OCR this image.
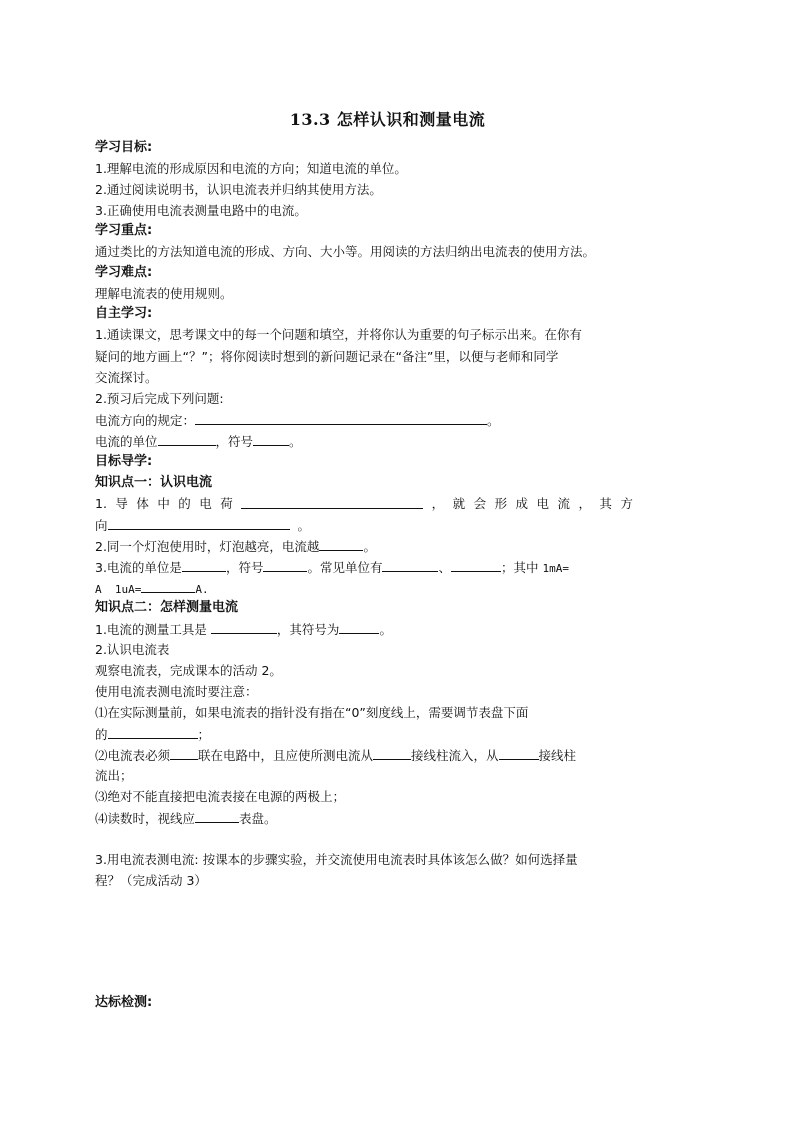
13.3 怎样认识和测量电流
学习目标:
1.理解电流的形成原因和电流的方向；知道电流的单位。
2.通过阅读说明书，认识电流表并归纳其使用方法。
3.正确使用电流表测量电路中的电流。
学习重点:
通过类比的方法知道电流的形成、方向、大小等。用阅读的方法归纳出电流表的使用方法。
学习难点:
理解电流表的使用规则。
自主学习:
1.通读课文，思考课文中的每一个问题和填空，并将你认为重要的句子标示出来。在你有
疑问的地方画上“？”；将你阅读时想到的新问题记录在“备注”里，以便与老师和同学
交流探讨。
2.预习后完成下列问题:
电流方向的规定：	。
电流的单位	，符号	。
目标导学:
知识点一：认识电流
1. 导 体 中 的 电 荷	， 就 会 形 成 电 流 ， 其 方
向	。
2.同一个灯泡使用时，灯泡越亮，电流越	。
3.电流的单位是	，符号	。常见单位有	、	；其中 1mA=
A 1uA=	A.
知识点二：怎样测量电流
1.电流的测量工具是	，其符号为	。
2.认识电流表
观察电流表，完成课本的活动 2。
使用电流表测电流时要注意：
⑴在实际测量前，如果电流表的指针没有指在“0”刻度线上，需要调节表盘下面
的	；
⑵电流表必须 联在电路中，且应使所测电流从	接线柱流入，从	接线柱
流出；
⑶绝对不能直接把电流表接在电源的两极上；
⑷读数时，视线应	表盘。
3.用电流表测电流: 按课本的步骤实验，并交流使用电流表时具体该怎么做？如何选择量
程？（完成活动 3）
达标检测:
